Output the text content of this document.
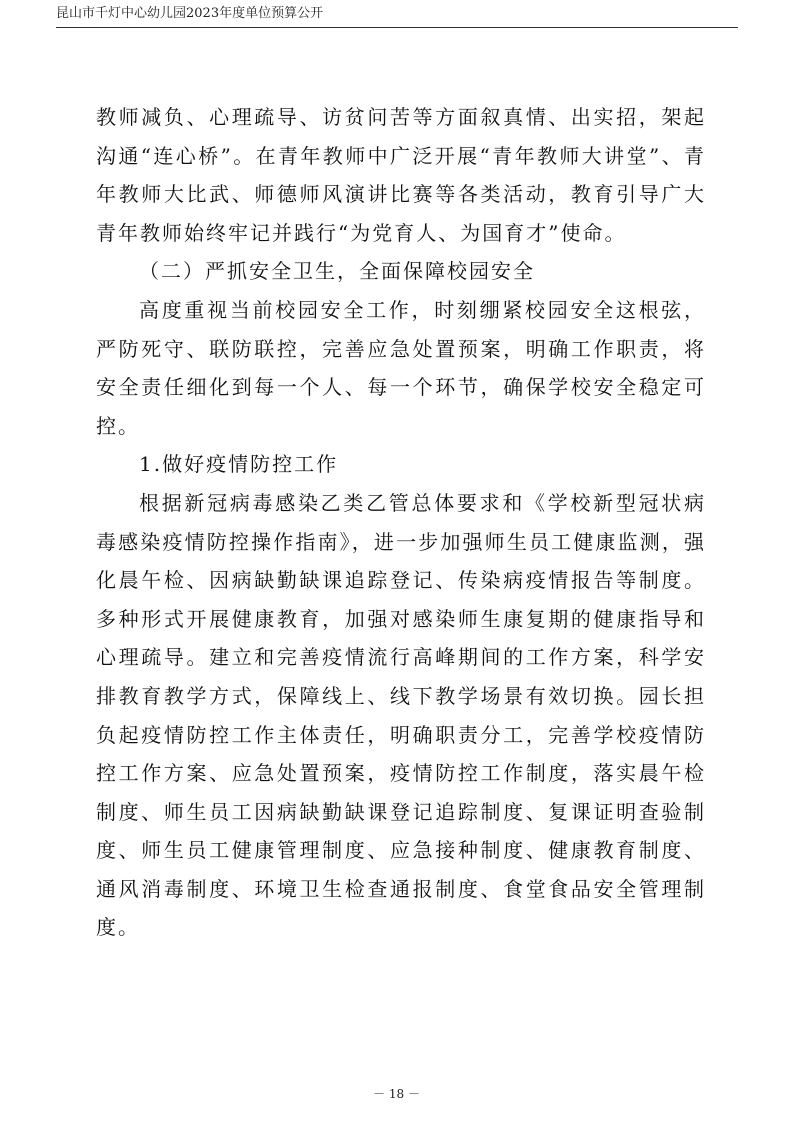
昆山市千灯中心幼儿园2023年度单位预算公开

教师减负、心理疏导、访贫问苦等方面叙真情、出实招，架起沟通“连心桥”。在青年教师中广泛开展“青年教师大讲堂”、青年教师大比武、师德师风演讲比赛等各类活动，教育引导广大青年教师始终牢记并践行“为党育人、为国育才”使命。

（二）严抓安全卫生，全面保障校园安全

高度重视当前校园安全工作，时刻绷紧校园安全这根弦，严防死守、联防联控，完善应急处置预案，明确工作职责，将安全责任细化到每一个人、每一个环节，确保学校安全稳定可控。

1.做好疫情防控工作

根据新冠病毒感染乙类乙管总体要求和《学校新型冠状病毒感染疫情防控操作指南》，进一步加强师生员工健康监测，强化晨午检、因病缺勤缺课追踪登记、传染病疫情报告等制度。多种形式开展健康教育，加强对感染师生康复期的健康指导和心理疏导。建立和完善疫情流行高峰期间的工作方案，科学安排教育教学方式，保障线上、线下教学场景有效切换。园长担负起疫情防控工作主体责任，明确职责分工，完善学校疫情防控工作方案、应急处置预案，疫情防控工作制度，落实晨午检制度、师生员工因病缺勤缺课登记追踪制度、复课证明查验制度、师生员工健康管理制度、应急接种制度、健康教育制度、通风消毒制度、环境卫生检查通报制度、食堂食品安全管理制度。

－ 18 －
